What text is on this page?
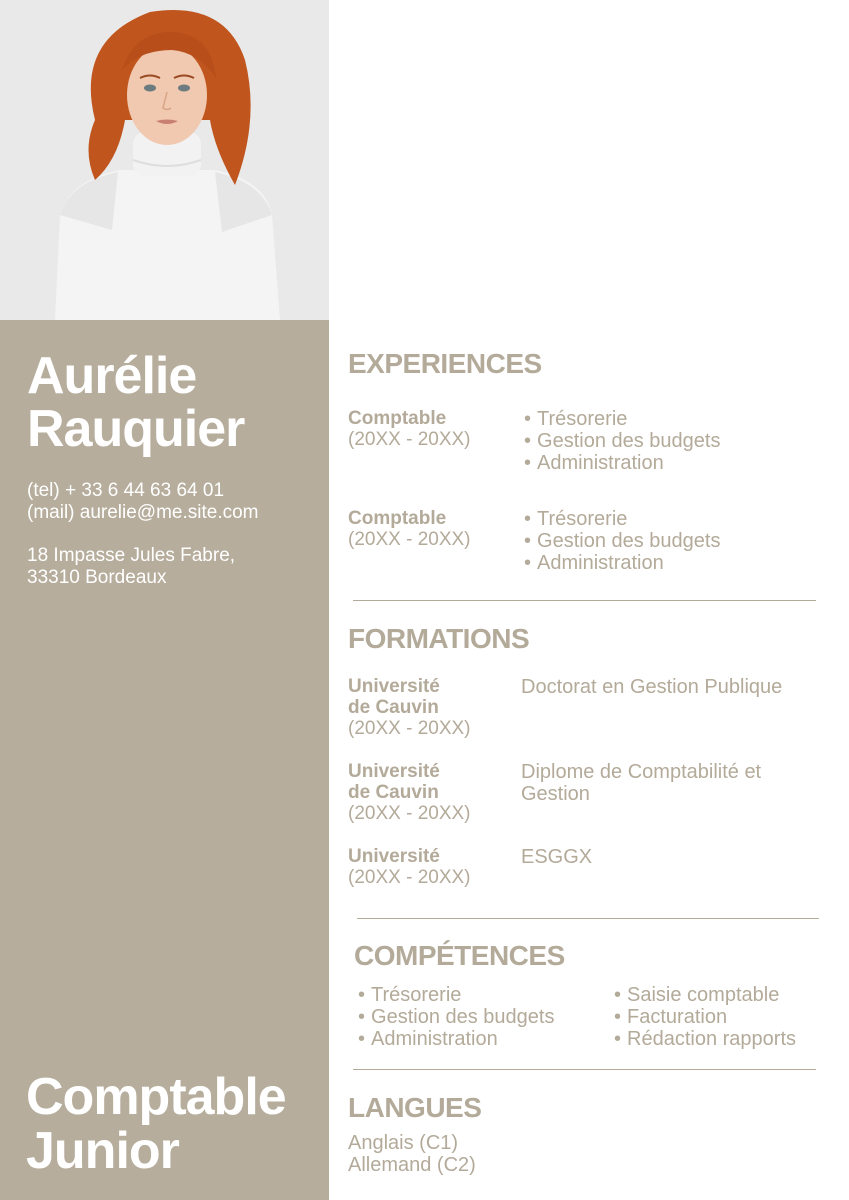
Aurélie
Rauquier
(tel) + 33 6 44 63 64 01
(mail) aurelie@me.site.com
18 Impasse Jules Fabre,
33310 Bordeaux
Comptable
Junior
EXPERIENCES
Comptable
(20XX - 20XX)
• Trésorerie
• Gestion des budgets
• Administration
Comptable
(20XX - 20XX)
• Trésorerie
• Gestion des budgets
• Administration
FORMATIONS
Université
de Cauvin
(20XX - 20XX)
Doctorat en Gestion Publique
Université
de Cauvin
(20XX - 20XX)
Diplome de Comptabilité et Gestion
Université
(20XX - 20XX)
ESGGX
COMPÉTENCES
• Trésorerie
• Gestion des budgets
• Administration
• Saisie comptable
• Facturation
• Rédaction rapports
LANGUES
Anglais (C1)
Allemand (C2)
